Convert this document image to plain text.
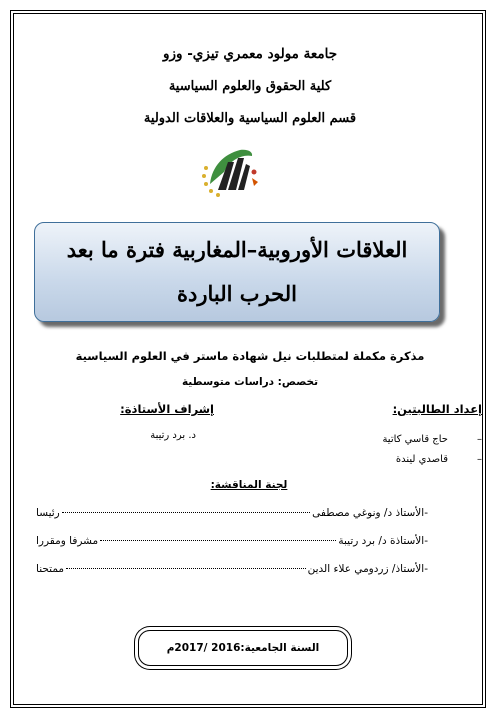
جامعة مولود معمري تيزي- وزو
كلية الحقوق والعلوم السياسية
قسم العلوم السياسية والعلاقات الدولية
العلاقات الأوروبية–المغاربية فترة ما بعد
الحرب الباردة
مذكرة مكملة لمتطلبات نيل شهادة ماستر في العلوم السياسية
تخصص: دراسات متوسطية
إعداد الطالبتين:
–حاج قاسي كاتية
–قاصدي ليندة
إشراف الأستاذة:
د. برد رتيبة
لجنة المناقشة:
-الأستاذ د/ ونوغي مصطفى
رئيسا
-الأستاذة د/ برد رتيبة
مشرفا ومقررا
-الأستاذ/ زردومي علاء الدين
ممتحنا
السنة الجامعية:2016 /2017م
